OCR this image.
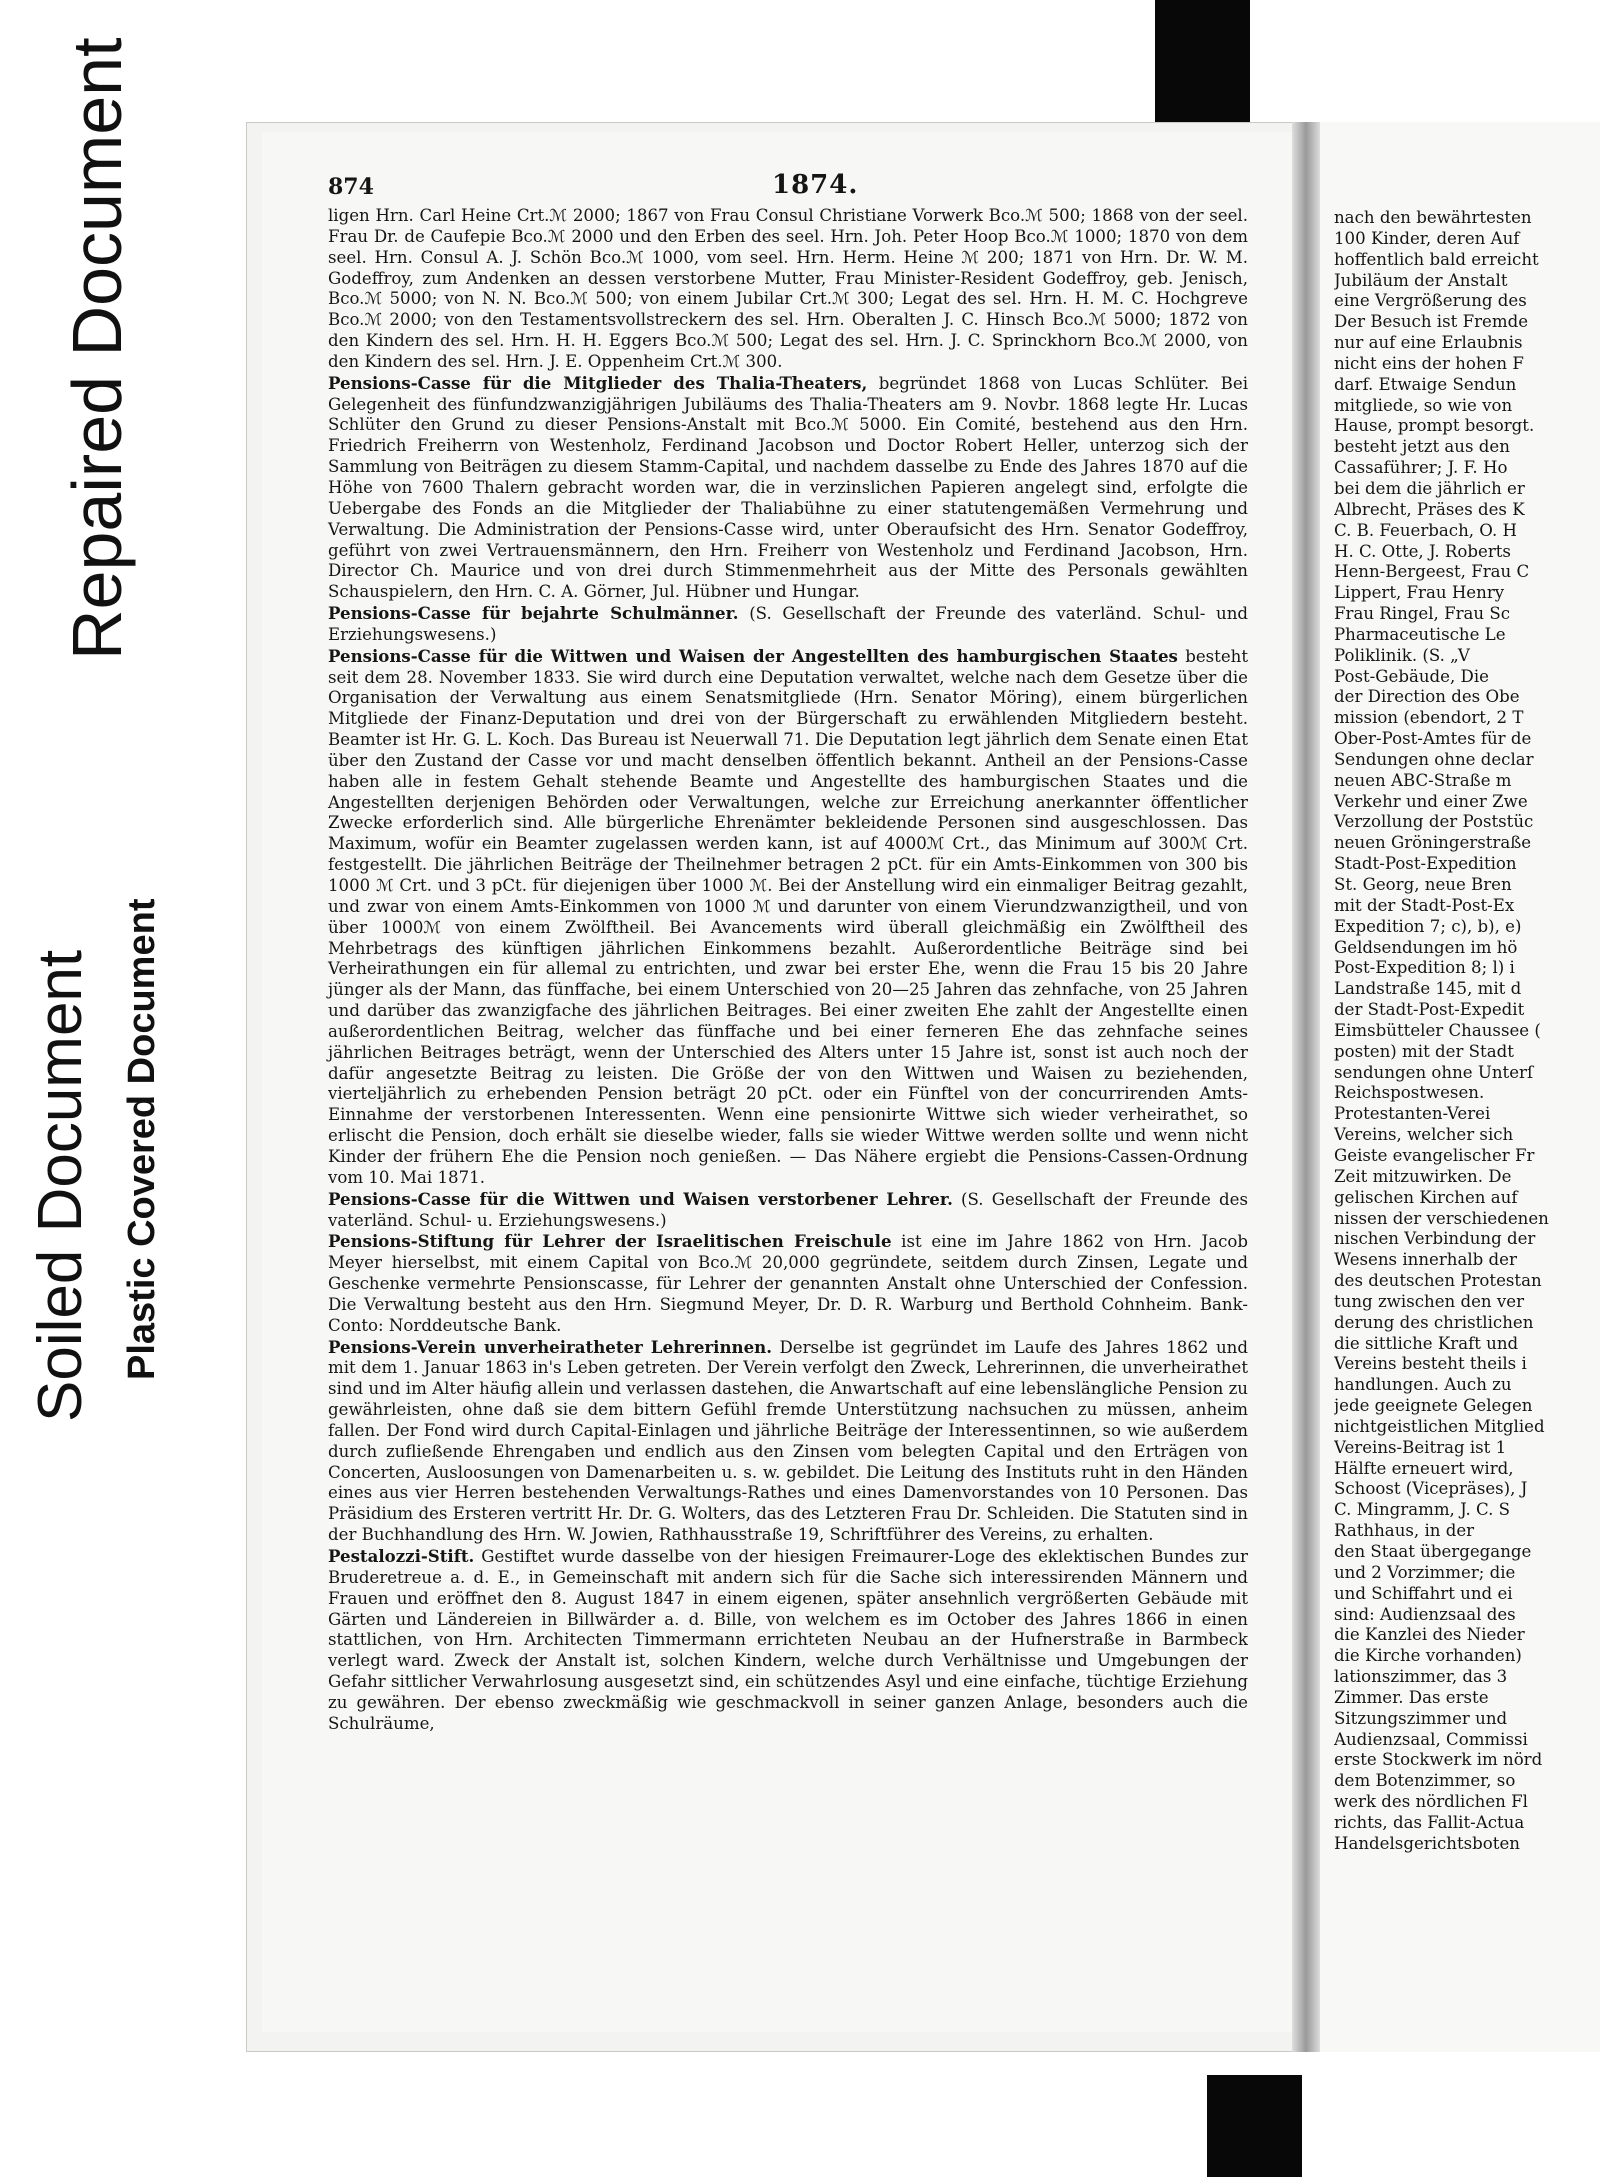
Repaired Document
Soiled Document Plastic Covered Document
874	1874.

ligen Hrn. Carl Heine Crt.ℳ 2000; 1867 von Frau Consul Christiane Vorwerk Bco.ℳ 500; 1868 von der seel. Frau Dr. de Caufepie Bco.ℳ 2000 und den Erben des seel. Hrn. Joh. Peter Hoop Bco.ℳ 1000; 1870 von dem seel. Hrn. Consul A. J. Schön Bco.ℳ 1000, vom seel. Hrn. Herm. Heine ℳ 200; 1871 von Hrn. Dr. W. M. Godeffroy, zum Andenken an dessen verstorbene Mutter, Frau Minister-Resident Godeffroy, geb. Jenisch, Bco.ℳ 5000; von N. N. Bco.ℳ 500; von einem Jubilar Crt.ℳ 300; Legat des sel. Hrn. H. M. C. Hochgreve Bco.ℳ 2000; von den Testamentsvollstreckern des sel. Hrn. Oberalten J. C. Hinsch Bco.ℳ 5000; 1872 von den Kindern des sel. Hrn. H. H. Eggers Bco.ℳ 500; Legat des sel. Hrn. J. C. Sprinckhorn Bco.ℳ 2000, von den Kindern des sel. Hrn. J. E. Oppenheim Crt.ℳ 300.

Pensions-Casse für die Mitglieder des Thalia-Theaters, begründet 1868 von Lucas Schlüter. Bei Gelegenheit des fünfundzwanzigjährigen Jubiläums des Thalia-Theaters am 9. Novbr. 1868 legte Hr. Lucas Schlüter den Grund zu dieser Pensions-Anstalt mit Bco.ℳ 5000. Ein Comité, bestehend aus den Hrn. Friedrich Freiherrn von Westenholz, Ferdinand Jacobson und Doctor Robert Heller, unterzog sich der Sammlung von Beiträgen zu diesem Stamm-Capital, und nachdem dasselbe zu Ende des Jahres 1870 auf die Höhe von 7600 Thalern gebracht worden war, die in verzinslichen Papieren angelegt sind, erfolgte die Uebergabe des Fonds an die Mitglieder der Thaliabühne zu einer statutengemäßen Vermehrung und Verwaltung. Die Administration der Pensions-Casse wird, unter Oberaufsicht des Hrn. Senator Godeffroy, geführt von zwei Vertrauensmännern, den Hrn. Freiherr von Westenholz und Ferdinand Jacobson, Hrn. Director Ch. Maurice und von drei durch Stimmenmehrheit aus der Mitte des Personals gewählten Schauspielern, den Hrn. C. A. Görner, Jul. Hübner und Hungar.

Pensions-Casse für bejahrte Schulmänner. (S. Gesellschaft der Freunde des vaterländ. Schul- und Erziehungswesens.)

Pensions-Casse für die Wittwen und Waisen der Angestellten des hamburgischen Staates besteht seit dem 28. November 1833. Sie wird durch eine Deputation verwaltet, welche nach dem Gesetze über die Organisation der Verwaltung aus einem Senatsmitgliede (Hrn. Senator Möring), einem bürgerlichen Mitgliede der Finanz-Deputation und drei von der Bürgerschaft zu erwählenden Mitgliedern besteht. Beamter ist Hr. G. L. Koch. Das Bureau ist Neuerwall 71. Die Deputation legt jährlich dem Senate einen Etat über den Zustand der Casse vor und macht denselben öffentlich bekannt. Antheil an der Pensions-Casse haben alle in festem Gehalt stehende Beamte und Angestellte des hamburgischen Staates und die Angestellten derjenigen Behörden oder Verwaltungen, welche zur Erreichung anerkannter öffentlicher Zwecke erforderlich sind. Alle bürgerliche Ehrenämter bekleidende Personen sind ausgeschlossen. Das Maximum, wofür ein Beamter zugelassen werden kann, ist auf 4000ℳ Crt., das Minimum auf 300ℳ Crt. festgestellt. Die jährlichen Beiträge der Theilnehmer betragen 2 pCt. für ein Amts-Einkommen von 300 bis 1000 ℳ Crt. und 3 pCt. für diejenigen über 1000 ℳ. Bei der Anstellung wird ein einmaliger Beitrag gezahlt, und zwar von einem Amts-Einkommen von 1000 ℳ und darunter von einem Vierundzwanzigtheil, und von über 1000ℳ von einem Zwölftheil. Bei Avancements wird überall gleichmäßig ein Zwölftheil des Mehrbetrags des künftigen jährlichen Einkommens bezahlt. Außerordentliche Beiträge sind bei Verheirathungen ein für allemal zu entrichten, und zwar bei erster Ehe, wenn die Frau 15 bis 20 Jahre jünger als der Mann, das fünffache, bei einem Unterschied von 20—25 Jahren das zehnfache, von 25 Jahren und darüber das zwanzigfache des jährlichen Beitrages. Bei einer zweiten Ehe zahlt der Angestellte einen außerordentlichen Beitrag, welcher das fünffache und bei einer ferneren Ehe das zehnfache seines jährlichen Beitrages beträgt, wenn der Unterschied des Alters unter 15 Jahre ist, sonst ist auch noch der dafür angesetzte Beitrag zu leisten. Die Größe der von den Wittwen und Waisen zu beziehenden, vierteljährlich zu erhebenden Pension beträgt 20 pCt. oder ein Fünftel von der concurrirenden Amts-Einnahme der verstorbenen Interessenten. Wenn eine pensionirte Wittwe sich wieder verheirathet, so erlischt die Pension, doch erhält sie dieselbe wieder, falls sie wieder Wittwe werden sollte und wenn nicht Kinder der frühern Ehe die Pension noch genießen. — Das Nähere ergiebt die Pensions-Cassen-Ordnung vom 10. Mai 1871.

Pensions-Casse für die Wittwen und Waisen verstorbener Lehrer. (S. Gesellschaft der Freunde des vaterländ. Schul- u. Erziehungswesens.)

Pensions-Stiftung für Lehrer der Israelitischen Freischule ist eine im Jahre 1862 von Hrn. Jacob Meyer hierselbst, mit einem Capital von Bco.ℳ 20,000 gegründete, seitdem durch Zinsen, Legate und Geschenke vermehrte Pensionscasse, für Lehrer der genannten Anstalt ohne Unterschied der Confession. Die Verwaltung besteht aus den Hrn. Siegmund Meyer, Dr. D. R. Warburg und Berthold Cohnheim. Bank-Conto: Norddeutsche Bank.

Pensions-Verein unverheiratheter Lehrerinnen. Derselbe ist gegründet im Laufe des Jahres 1862 und mit dem 1. Januar 1863 in's Leben getreten. Der Verein verfolgt den Zweck, Lehrerinnen, die unverheirathet sind und im Alter häufig allein und verlassen dastehen, die Anwartschaft auf eine lebenslängliche Pension zu gewährleisten, ohne daß sie dem bittern Gefühl fremde Unterstützung nachsuchen zu müssen, anheim fallen. Der Fond wird durch Capital-Einlagen und jährliche Beiträge der Interessentinnen, so wie außerdem durch zufließende Ehrengaben und endlich aus den Zinsen vom belegten Capital und den Erträgen von Concerten, Ausloosungen von Damenarbeiten u. s. w. gebildet. Die Leitung des Instituts ruht in den Händen eines aus vier Herren bestehenden Verwaltungs-Rathes und eines Damenvorstandes von 10 Personen. Das Präsidium des Ersteren vertritt Hr. Dr. G. Wolters, das des Letzteren Frau Dr. Schleiden. Die Statuten sind in der Buchhandlung des Hrn. W. Jowien, Rathhausstraße 19, Schriftführer des Vereins, zu erhalten.

Pestalozzi-Stift. Gestiftet wurde dasselbe von der hiesigen Freimaurer-Loge des eklektischen Bundes zur Bruderetreue a. d. E., in Gemeinschaft mit andern sich für die Sache sich interessirenden Männern und Frauen und eröffnet den 8. August 1847 in einem eigenen, später ansehnlich vergrößerten Gebäude mit Gärten und Ländereien in Billwärder a. d. Bille, von welchem es im October des Jahres 1866 in einen stattlichen, von Hrn. Architecten Timmermann errichteten Neubau an der Hufnerstraße in Barmbeck verlegt ward. Zweck der Anstalt ist, solchen Kindern, welche durch Verhältnisse und Umgebungen der Gefahr sittlicher Verwahrlosung ausgesetzt sind, ein schützendes Asyl und eine einfache, tüchtige Erziehung zu gewähren. Der ebenso zweckmäßig wie geschmackvoll in seiner ganzen Anlage, besonders auch die Schulräume,

nach den bewährtesten
100 Kinder, deren Auf
hoffentlich bald erreicht
Jubiläum der Anstalt
eine Vergrößerung des
Der Besuch ist Fremde
nur auf eine Erlaubnis
nicht eins der hohen F
darf. Etwaige Sendun
mitgliede, so wie von
Hause, prompt besorgt.
besteht jetzt aus den
Cassaführer; J. F. Ho
bei dem die jährlich er
Albrecht, Präses des K
C. B. Feuerbach, O. H
H. C. Otte, J. Roberts
Henn-Bergeest, Frau C
Lippert, Frau Henry
Frau Ringel, Frau Sc
Pharmaceutische Le
Poliklinik. (S. „V
Post-Gebäude, Die
der Direction des Obe
mission (ebendort, 2 T
Ober-Post-Amtes für de
Sendungen ohne declar
neuen ABC-Straße m
Verkehr und einer Zwe
Verzollung der Poststüc
neuen Gröningerstraße
Stadt-Post-Expedition
St. Georg, neue Bren
mit der Stadt-Post-Ex
Expedition 7; c), b), e)
Geldsendungen im hö
Post-Expedition 8; l) i
Landstraße 145, mit d
der Stadt-Post-Expedit
Eimsbütteler Chaussee (
posten) mit der Stadt
sendungen ohne Unterſ
Reichspostwesen.
Protestanten-Verei
Vereins, welcher sich
Geiste evangelischer Fr
Zeit mitzuwirken. De
gelischen Kirchen auf
nissen der verschiedenen
nischen Verbindung der
Wesens innerhalb der
des deutschen Protestan
tung zwischen den ver
derung des christlichen
die sittliche Kraft und
Vereins besteht theils i
handlungen. Auch zu
jede geeignete Gelegen
nichtgeistlichen Mitglied
Vereins-Beitrag ist 1
Hälfte erneuert wird,
Schoost (Vicepräses), J
C. Mingramm, J. C. S
Rathhaus, in der
den Staat übergegange
und 2 Vorzimmer; die
und Schiffahrt und ei
sind: Audienzsaal des
die Kanzlei des Nieder
die Kirche vorhanden)
lationszimmer, das 3
Zimmer. Das erste
Sitzungszimmer und
Audienzsaal, Commissi
erste Stockwerk im nörd
dem Botenzimmer, so
werk des nördlichen Fl
richts, das Fallit-Actua
Handelsgerichtsboten
